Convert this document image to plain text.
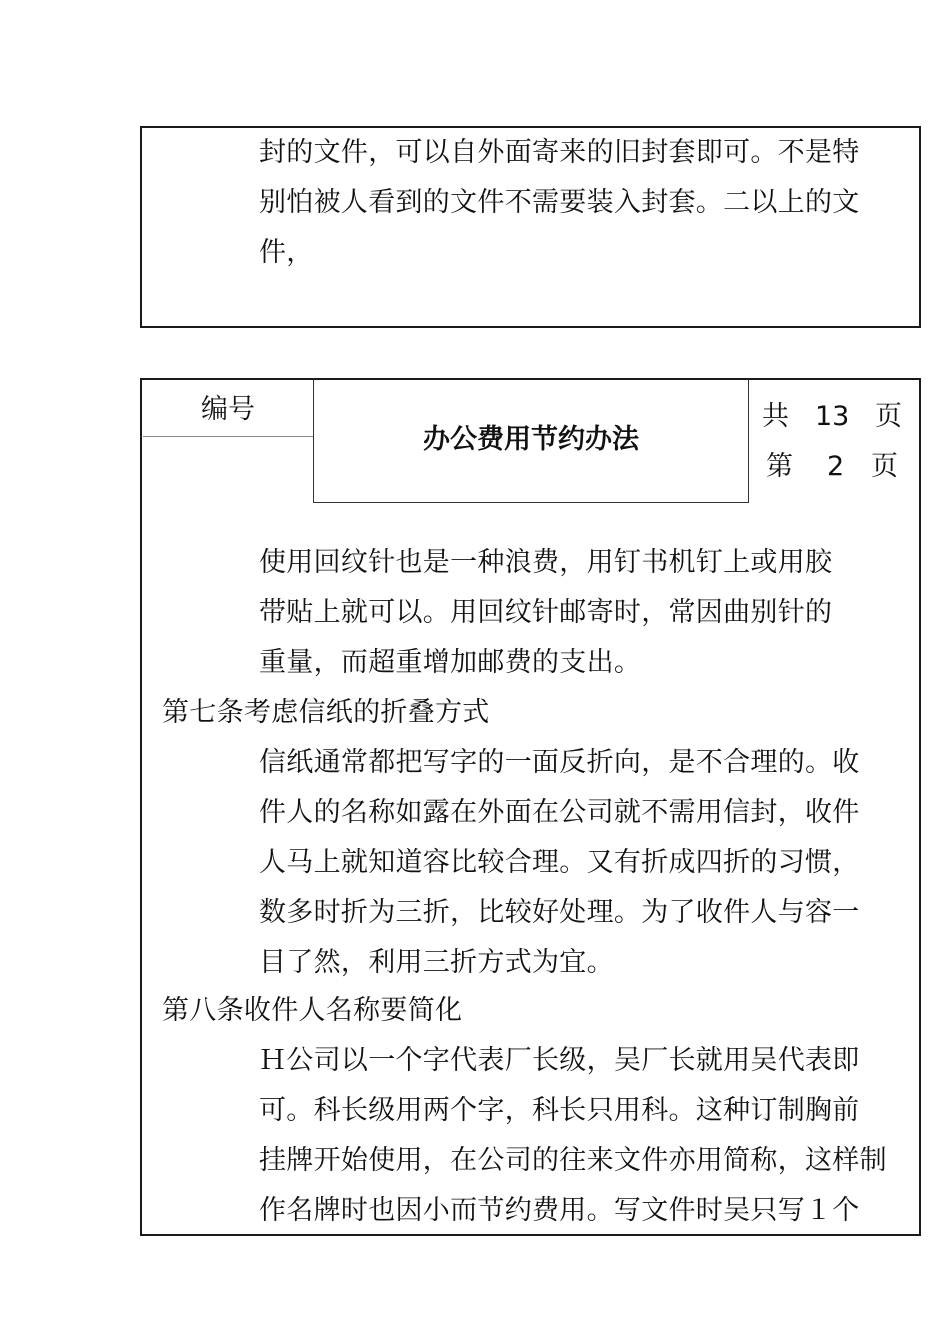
封的文件，可以自外面寄来的旧封套即可。不是特
别怕被人看到的文件不需要装入封套。二以上的文
件，
编号
办公费用节约办法
共 13 页
第 2 页
使用回纹针也是一种浪费，用钉书机钉上或用胶
带贴上就可以。用回纹针邮寄时，常因曲别针的
重量，而超重增加邮费的支出。
第七条考虑信纸的折叠方式
信纸通常都把写字的一面反折向，是不合理的。收
件人的名称如露在外面在公司就不需用信封，收件
人马上就知道容比较合理。又有折成四折的习惯，
数多时折为三折，比较好处理。为了收件人与容一
目了然，利用三折方式为宜。
第八条收件人名称要简化
Ｈ公司以一个字代表厂长级，吴厂长就用吴代表即
可。科长级用两个字，科长只用科。这种订制胸前
挂牌开始使用，在公司的往来文件亦用简称，这样制
作名牌时也因小而节约费用。写文件时吴只写１个
